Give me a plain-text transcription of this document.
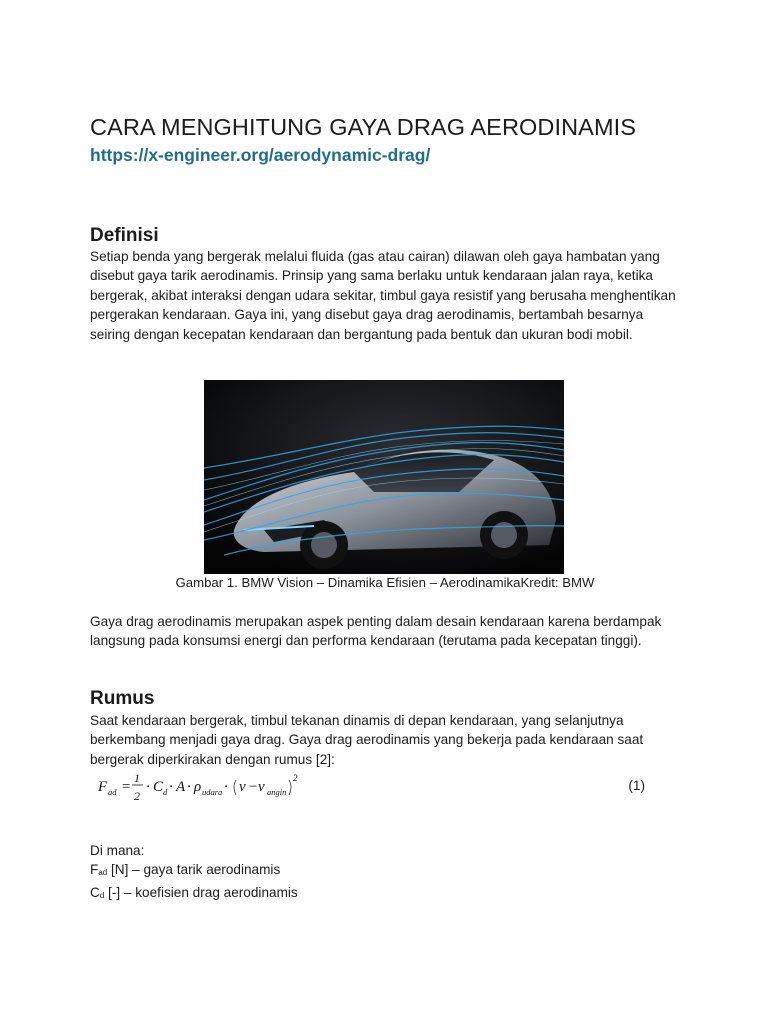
CARA MENGHITUNG GAYA DRAG AERODINAMIS
https://x-engineer.org/aerodynamic-drag/
Definisi

Setiap benda yang bergerak melalui fluida (gas atau cairan) dilawan oleh gaya hambatan yang disebut gaya tarik aerodinamis. Prinsip yang sama berlaku untuk kendaraan jalan raya, ketika bergerak, akibat interaksi dengan udara sekitar, timbul gaya resistif yang berusaha menghentikan pergerakan kendaraan. Gaya ini, yang disebut gaya drag aerodinamis, bertambah besarnya seiring dengan kecepatan kendaraan dan bergantung pada bentuk dan ukuran bodi mobil.

Gambar 1. BMW Vision – Dinamika Efisien – AerodinamikaKredit: BMW

Gaya drag aerodinamis merupakan aspek penting dalam desain kendaraan karena berdampak langsung pada konsumsi energi dan performa kendaraan (terutama pada kecepatan tinggi).

Rumus

Saat kendaraan bergerak, timbul tekanan dinamis di depan kendaraan, yang selanjutnya berkembang menjadi gaya drag. Gaya drag aerodinamis yang bekerja pada kendaraan saat bergerak diperkirakan dengan rumus [2]:

F ad =
1
2
· C d · A · ρ udara · v − v angin
2	(1)
Di mana:
Fad [N] – gaya tarik aerodinamis
Cd [-] – koefisien drag aerodinamis
